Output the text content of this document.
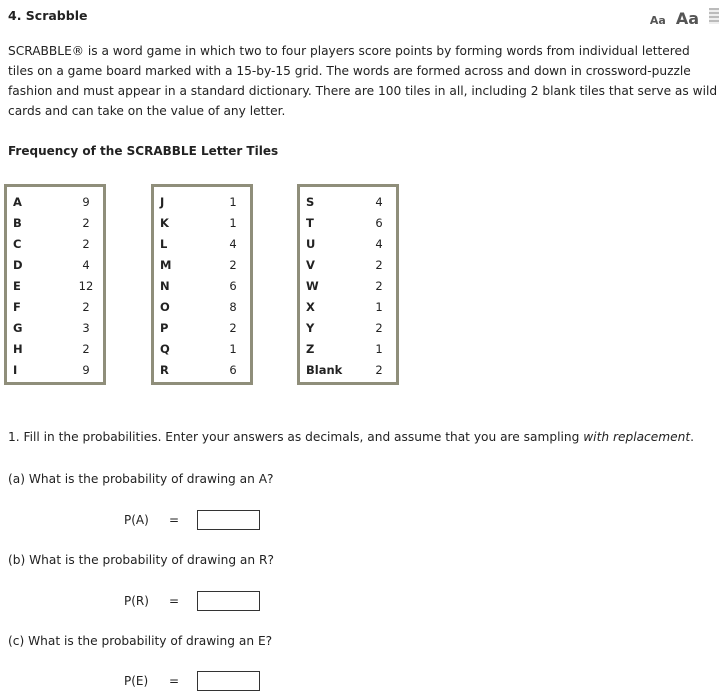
4. Scrabble	Aa Aa
SCRABBLE® is a word game in which two to four players score points by forming words from individual lettered tiles on a game board marked with a 15-by-15 grid. The words are formed across and down in crossword-puzzle fashion and must appear in a standard dictionary. There are 100 tiles in all, including 2 blank tiles that serve as wild cards and can take on the value of any letter.
Frequency of the SCRABBLE Letter Tiles
A	9
B	2
C	2
D	4
E	12
F	2
G	3
H	2
I	9
J	1
K	1
L	4
M	2
N	6
O	8
P	2
Q	1
R	6
S	4
T	6
U	4
V	2
W	2
X	1
Y	2
Z	1
Blank	2
1. Fill in the probabilities. Enter your answers as decimals, and assume that you are sampling with replacement.
(a) What is the probability of drawing an A?
P(A) =
(b) What is the probability of drawing an R?
P(R) =
(c) What is the probability of drawing an E?
P(E) =
